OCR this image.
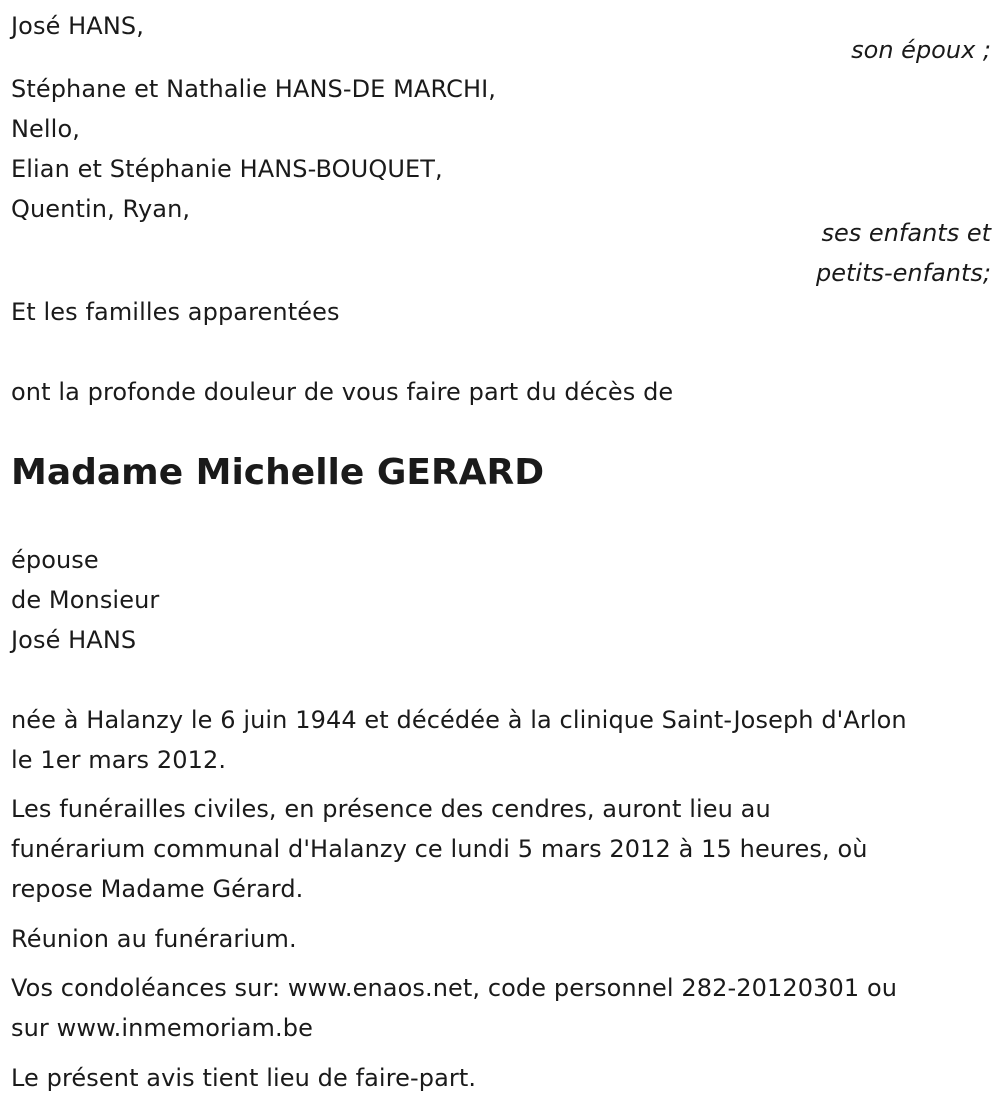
José HANS,
son époux ;
Stéphane et Nathalie HANS-DE MARCHI,
Nello,
Elian et Stéphanie HANS-BOUQUET,
Quentin, Ryan,
ses enfants et
petits-enfants;
Et les familles apparentées
ont la profonde douleur de vous faire part du décès de
Madame Michelle GERARD
épouse
de Monsieur
José HANS
née à Halanzy le 6 juin 1944 et décédée à la clinique Saint-Joseph d'Arlon
le 1er mars 2012.
Les funérailles civiles, en présence des cendres, auront lieu au
funérarium communal d'Halanzy ce lundi 5 mars 2012 à 15 heures, où
repose Madame Gérard.
Réunion au funérarium.
Vos condoléances sur: www.enaos.net, code personnel 282-20120301 ou
sur www.inmemoriam.be
Le présent avis tient lieu de faire-part.
